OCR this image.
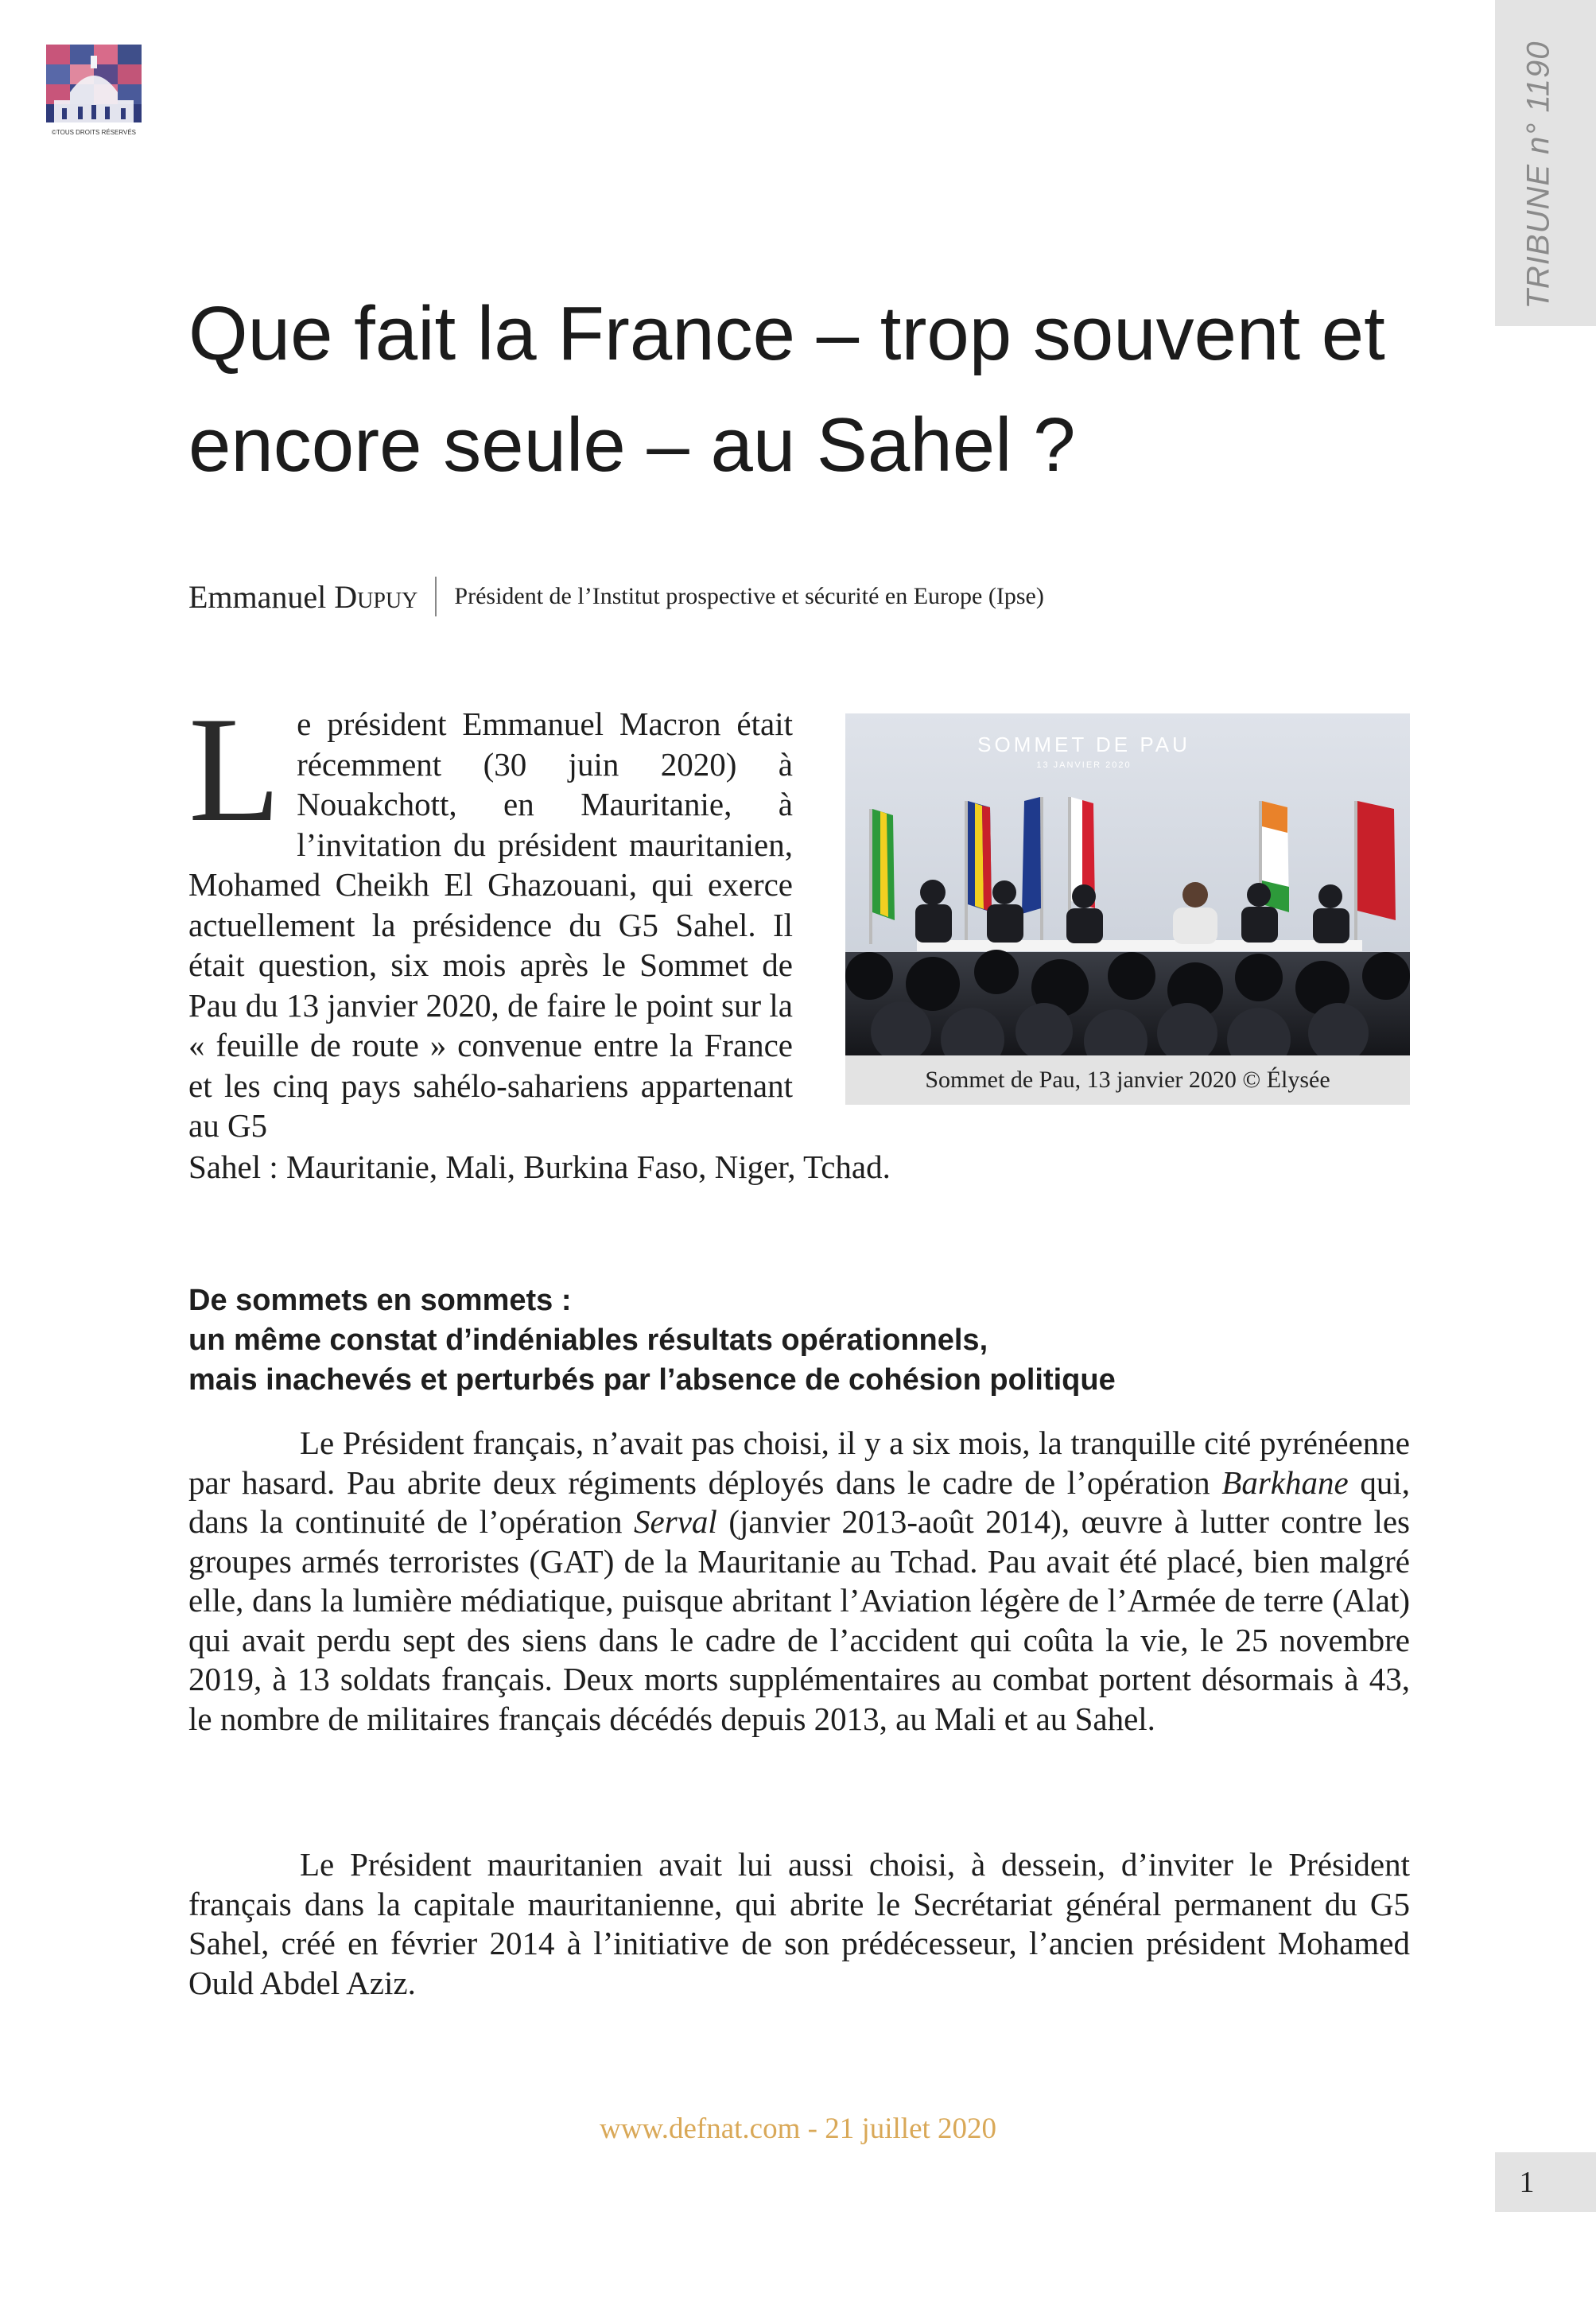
©TOUS DROITS RÉSERVÉS	TRIBUNE n° 1190
Que fait la France – trop souvent et encore seule – au Sahel ?
Emmanuel Dupuy Président de l’Institut prospective et sécurité en Europe (Ipse)
SOMMET DE PAU
13 JANVIER 2020
Sommet de Pau, 13 janvier 2020 © Élysée

Le président Emmanuel Macron était récemment (30 juin 2020) à Nouakchott, en Mauritanie, à l’invitation du président mauritanien, Mohamed Cheikh El Ghazouani, qui exerce actuellement la présidence du G5 Sahel. Il était question, six mois après le Sommet de Pau du 13 janvier 2020, de faire le point sur la « feuille de route » convenue entre la France et les cinq pays sahélo-sahariens appartenant au G5

Sahel : Mauritanie, Mali, Burkina Faso, Niger, Tchad.
De sommets en sommets :
un même constat d’indéniables résultats opérationnels,
mais inachevés et perturbés par l’absence de cohésion politique

Le Président français, n’avait pas choisi, il y a six mois, la tranquille cité pyrénéenne par hasard. Pau abrite deux régiments déployés dans le cadre de l’opération Barkhane qui, dans la continuité de l’opération Serval (janvier 2013-août 2014), œuvre à lutter contre les groupes armés terroristes (GAT) de la Mauritanie au Tchad. Pau avait été placé, bien malgré elle, dans la lumière médiatique, puisque abritant l’Aviation légère de l’Armée de terre (Alat) qui avait perdu sept des siens dans le cadre de l’accident qui coûta la vie, le 25 novembre 2019, à 13 soldats français. Deux morts supplémentaires au combat portent désormais à 43, le nombre de militaires français décédés depuis 2013, au Mali et au Sahel.

Le Président mauritanien avait lui aussi choisi, à dessein, d’inviter le Président français dans la capitale mauritanienne, qui abrite le Secrétariat général permanent du G5 Sahel, créé en février 2014 à l’initiative de son prédécesseur, l’ancien président Mohamed Ould Abdel Aziz.

www.defnat.com - 21 juillet 2020
1
